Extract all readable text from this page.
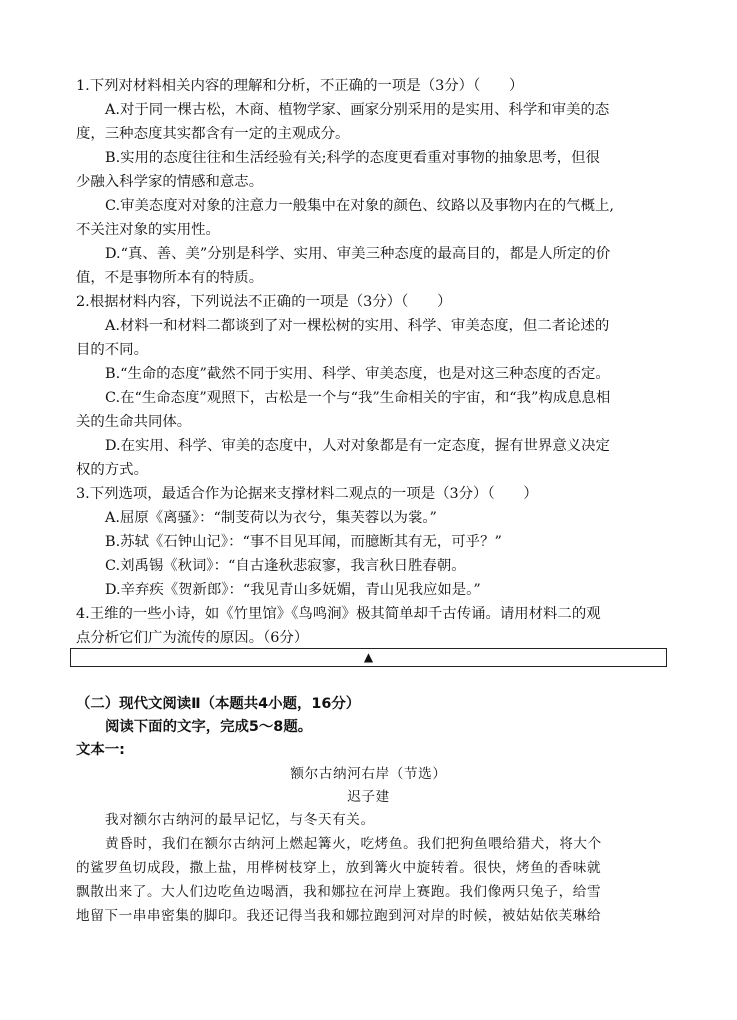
1.下列对材料相关内容的理解和分析，不正确的一项是（3分）（　　）
A.对于同一棵古松，木商、植物学家、画家分别采用的是实用、科学和审美的态
度，三种态度其实都含有一定的主观成分。
B.实用的态度往往和生活经验有关;科学的态度更看重对事物的抽象思考，但很
少融入科学家的情感和意志。
C.审美态度对对象的注意力一般集中在对象的颜色、纹路以及事物内在的气概上,
不关注对象的实用性。
D.“真、善、美”分别是科学、实用、审美三种态度的最高目的，都是人所定的价
值，不是事物所本有的特质。
2.根据材料内容，下列说法不正确的一项是（3分）（　　）
A.材料一和材料二都谈到了对一棵松树的实用、科学、审美态度，但二者论述的
目的不同。
B.“生命的态度”截然不同于实用、科学、审美态度，也是对这三种态度的否定。
C.在“生命态度”观照下，古松是一个与“我”生命相关的宇宙，和“我”构成息息相
关的生命共同体。
D.在实用、科学、审美的态度中，人对对象都是有一定态度，握有世界意义决定
权的方式。
3.下列选项，最适合作为论据来支撑材料二观点的一项是（3分）（　　）
A.屈原《离骚》：“制芰荷以为衣兮，集芙蓉以为裳。”
B.苏轼《石钟山记》：“事不目见耳闻，而臆断其有无，可乎？”
C.刘禹锡《秋词》：“自古逢秋悲寂寥，我言秋日胜春朝。
D.辛弃疾《贺新郎》：“我见青山多妩媚，青山见我应如是。”
4.王维的一些小诗，如《竹里馆》《鸟鸣涧》极其简单却千古传诵。请用材料二的观
点分析它们广为流传的原因。（6分）
▲
（二）现代文阅读Ⅱ（本题共4小题，16分）
阅读下面的文字，完成5～8题。
文本一:
额尔古纳河右岸（节选）
迟子建
我对额尔古纳河的最早记忆，与冬天有关。
黄昏时，我们在额尔古纳河上燃起篝火，吃烤鱼。我们把狗鱼喂给猎犬，将大个
的鲨罗鱼切成段，撒上盐，用桦树枝穿上，放到篝火中旋转着。很快，烤鱼的香味就
飘散出来了。大人们边吃鱼边喝酒，我和娜拉在河岸上赛跑。我们像两只兔子，给雪
地留下一串串密集的脚印。我还记得当我和娜拉跑到河对岸的时候，被姑姑依芙琳给
